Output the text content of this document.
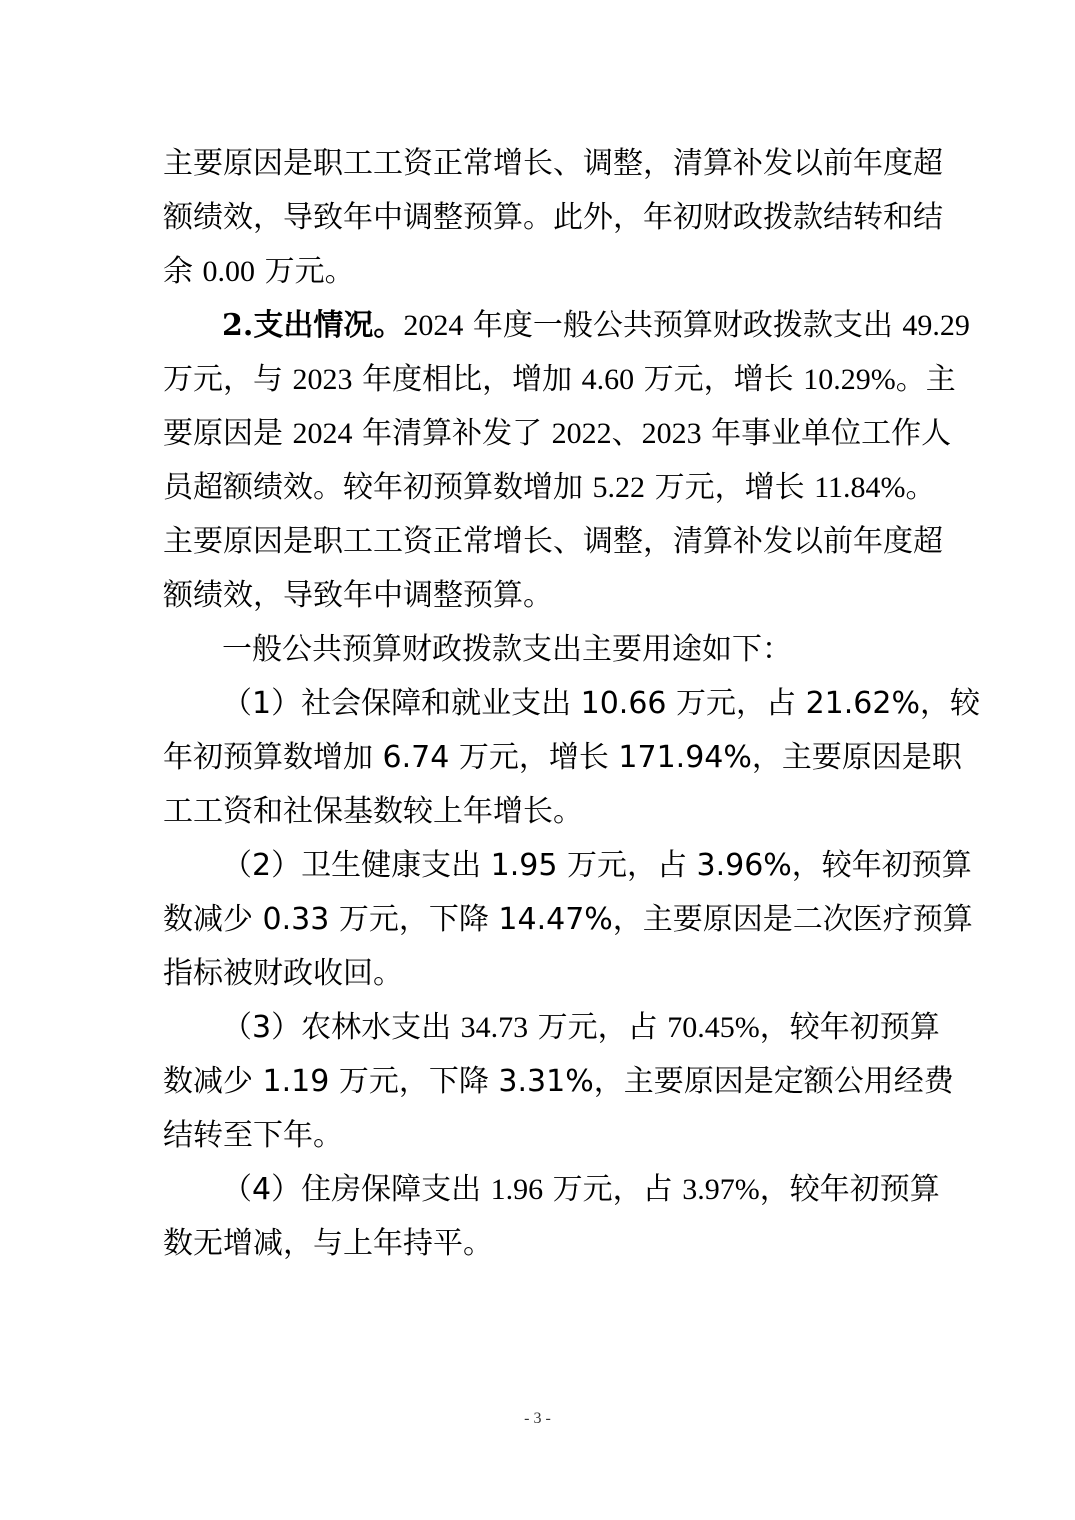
主要原因是职工工资正常增长、调整，清算补发以前年度超
额绩效，导致年中调整预算。此外，年初财政拨款结转和结
余 0.00 万元。
2.支出情况。2024 年度一般公共预算财政拨款支出 49.29
万元，与 2023 年度相比，增加 4.60 万元，增长 10.29%。主
要原因是 2024 年清算补发了 2022、2023 年事业单位工作人
员超额绩效。较年初预算数增加 5.22 万元，增长 11.84%。
主要原因是职工工资正常增长、调整，清算补发以前年度超
额绩效，导致年中调整预算。
一般公共预算财政拨款支出主要用途如下：
（1）社会保障和就业支出 10.66 万元，占 21.62%，较
年初预算数增加 6.74 万元，增长 171.94%，主要原因是职
工工资和社保基数较上年增长。
（2）卫生健康支出 1.95 万元，占 3.96%，较年初预算
数减少 0.33 万元，下降 14.47%，主要原因是二次医疗预算
指标被财政收回。
（3）农林水支出 34.73 万元，占 70.45%，较年初预算
数减少 1.19 万元，下降 3.31%，主要原因是定额公用经费
结转至下年。
（4）住房保障支出 1.96 万元，占 3.97%，较年初预算
数无增减，与上年持平。
- 3 -
